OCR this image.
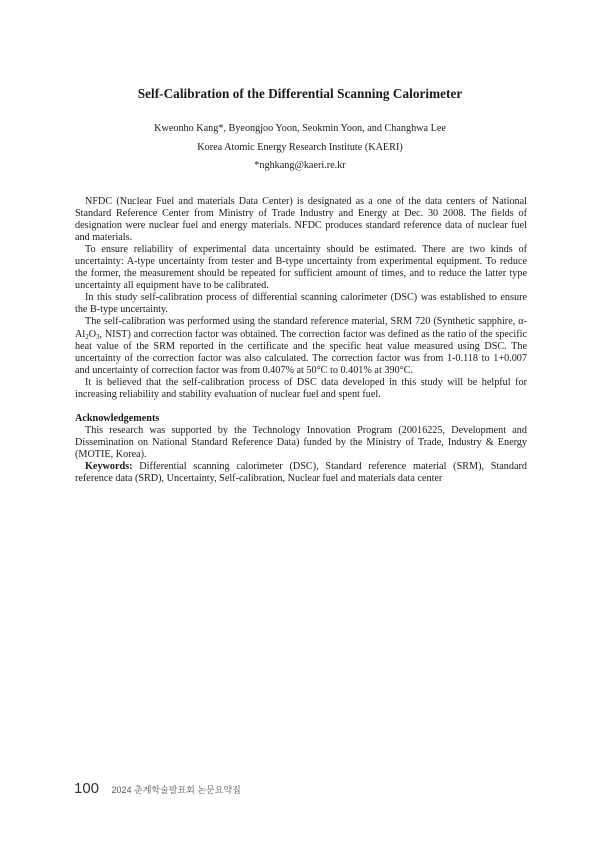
Self-Calibration of the Differential Scanning Calorimeter
Kweonho Kang*, Byeongjoo Yoon, Seokmin Yoon, and Changhwa Lee
Korea Atomic Energy Research Institute (KAERI)
*nghkang@kaeri.re.kr

NFDC (Nuclear Fuel and materials Data Center) is designated as a one of the data centers of National Standard Reference Center from Ministry of Trade Industry and Energy at Dec. 30 2008. The fields of designation were nuclear fuel and energy materials. NFDC produces standard reference data of nuclear fuel and materials.

To ensure reliability of experimental data uncertainty should be estimated. There are two kinds of uncertainty: A-type uncertainty from tester and B-type uncertainty from experimental equipment. To reduce the former, the measurement should be repeated for sufficient amount of times, and to reduce the latter type uncertainty all equipment have to be calibrated.

In this study self-calibration process of differential scanning calorimeter (DSC) was established to ensure the B-type uncertainty.

The self-calibration was performed using the standard reference material, SRM 720 (Synthetic sapphire, $\alpha-Al_2O_3$, NIST) and correction factor was obtained. The correction factor was defined as the ratio of the specific heat value of the SRM reported in the certificate and the specific heat value measured using DSC. The uncertainty of the correction factor was also calculated. The correction factor was from 1-0.118 to 1+0.007 and uncertainty of correction factor was from 0.407% at 50°C to 0.401% at 390°C.

It is believed that the self-calibration process of DSC data developed in this study will be helpful for increasing reliability and stability evaluation of nuclear fuel and spent fuel.

Acknowledgements

This research was supported by the Technology Innovation Program (20016225, Development and Dissemination on National Standard Reference Data) funded by the Ministry of Trade, Industry & Energy (MOTIE, Korea).

Keywords: Differential scanning calorimeter (DSC), Standard reference material (SRM), Standard reference data (SRD), Uncertainty, Self-calibration, Nuclear fuel and materials data center

100 2024 춘계학술발표회 논문요약집
